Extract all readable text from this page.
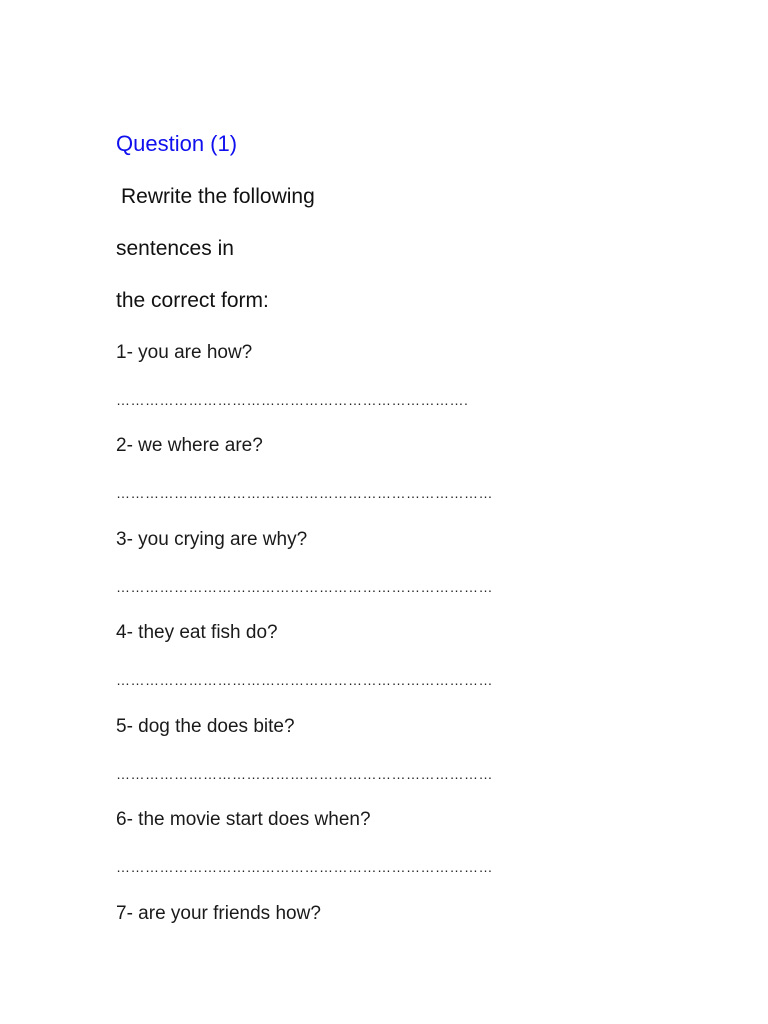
Question (1)
Rewrite the following
sentences in
the correct form:
1- you are how?
……………………………………………………………….
2- we where are?
……………………………………………………………………
3- you crying are why?
……………………………………………………………………
4- they eat fish do?
……………………………………………………………………
5- dog the does bite?
……………………………………………………………………
6- the movie start does when?
……………………………………………………………………
7- are your friends how?
